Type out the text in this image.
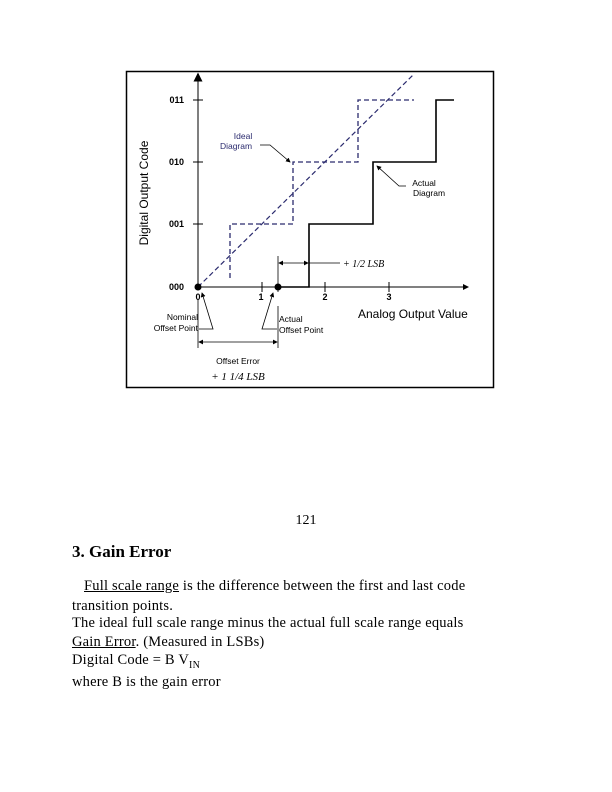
000
001
010
011
0	1	2	3
Digital Output Code
Analog Output Value
Ideal
Diagram
Actual
Diagram
+ 1/2 LSB
Nominal
Offset Point
Actual
Offset Point
Offset Error
+ 1 1/4 LSB
121
3. Gain Error
Full scale range is the difference between the first and last code
transition points.
The ideal full scale range minus the actual full scale range equals
Gain Error. (Measured in LSBs)
Digital Code = B $V_{IN}$
where B is the gain error
